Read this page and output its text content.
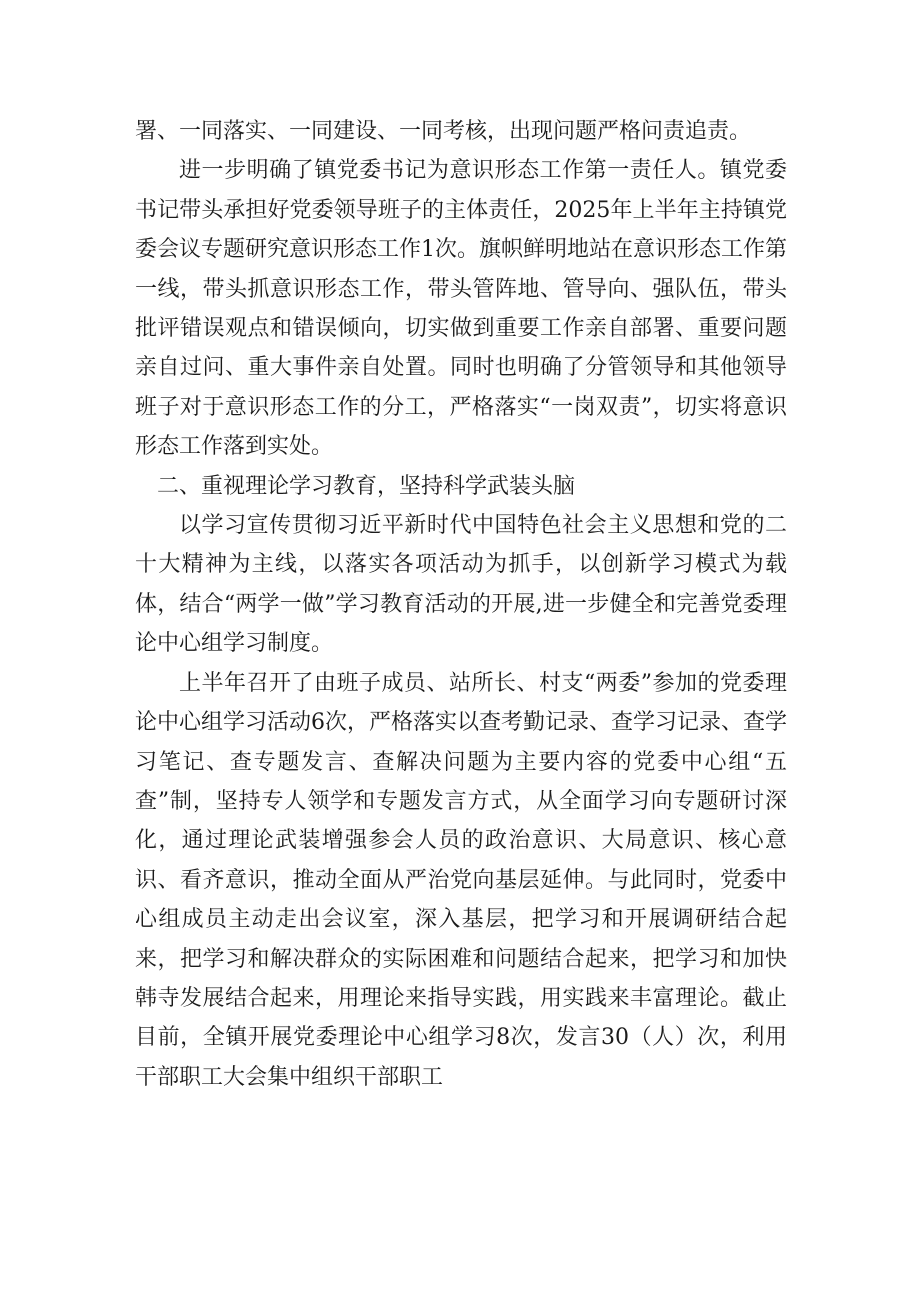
署、一同落实、一同建设、一同考核，出现问题严格问责追责。

进一步明确了镇党委书记为意识形态工作第一责任人。镇党委书记带头承担好党委领导班子的主体责任，2025年上半年主持镇党委会议专题研究意识形态工作1次。旗帜鲜明地站在意识形态工作第一线，带头抓意识形态工作，带头管阵地、管导向、强队伍，带头批评错误观点和错误倾向，切实做到重要工作亲自部署、重要问题亲自过问、重大事件亲自处置。同时也明确了分管领导和其他领导班子对于意识形态工作的分工，严格落实“一岗双责”，切实将意识形态工作落到实处。

二、重视理论学习教育，坚持科学武装头脑

以学习宣传贯彻习近平新时代中国特色社会主义思想和党的二十大精神为主线，以落实各项活动为抓手，以创新学习模式为载体，结合“两学一做”学习教育活动的开展,进一步健全和完善党委理论中心组学习制度。

上半年召开了由班子成员、站所长、村支“两委”参加的党委理论中心组学习活动6次，严格落实以查考勤记录、查学习记录、查学习笔记、查专题发言、查解决问题为主要内容的党委中心组“五查”制，坚持专人领学和专题发言方式，从全面学习向专题研讨深化，通过理论武装增强参会人员的政治意识、大局意识、核心意识、看齐意识，推动全面从严治党向基层延伸。与此同时，党委中心组成员主动走出会议室，深入基层，把学习和开展调研结合起来，把学习和解决群众的实际困难和问题结合起来，把学习和加快韩寺发展结合起来，用理论来指导实践，用实践来丰富理论。截止目前，全镇开展党委理论中心组学习8次，发言30（人）次，利用干部职工大会集中组织干部职工
